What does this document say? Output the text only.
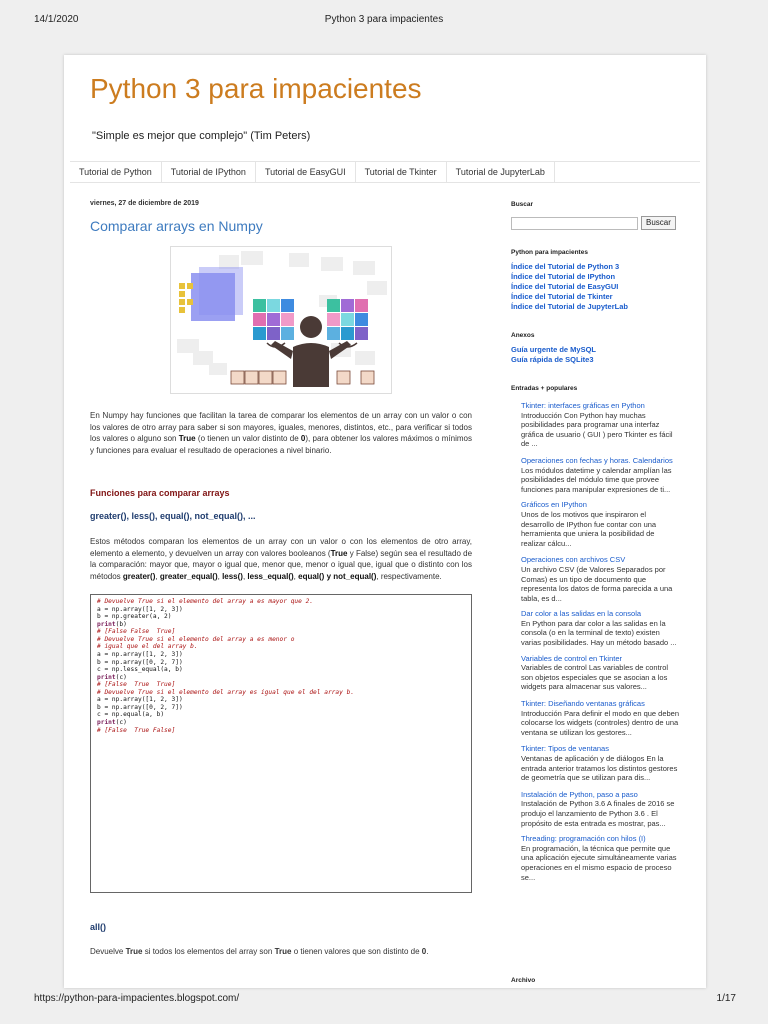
14/1/2020	Python 3 para impacientes
Python 3 para impacientes
"Simple es mejor que complejo" (Tim Peters)
Tutorial de Python	Tutorial de IPython	Tutorial de EasyGUI	Tutorial de Tkinter	Tutorial de JupyterLab
viernes, 27 de diciembre de 2019
Comparar arrays en Numpy

En Numpy hay funciones que facilitan la tarea de comparar los elementos de un array con un valor o con los valores de otro array para saber si son mayores, iguales, menores, distintos, etc., para verificar si todos los valores o alguno son True (o tienen un valor distinto de 0), para obtener los valores máximos o mínimos y funciones para evaluar el resultado de operaciones a nivel binario.

Funciones para comparar arrays
greater(), less(), equal(), not_equal(), ...

Estos métodos comparan los elementos de un array con un valor o con los elementos de otro array, elemento a elemento, y devuelven un array con valores booleanos (True y False) según sea el resultado de la comparación: mayor que, mayor o igual que, menor que, menor o igual que, igual que o distinto con los métodos greater(), greater_equal(), less(), less_equal(), equal() y not_equal(), respectivamente.

# Devuelve True si el elemento del array a es mayor que 2.
a = np.array([1, 2, 3])
b = np.greater(a, 2)
print(b)
# [False False  True]
# Devuelve True si el elemento del array a es menor o
# igual que el del array b.
a = np.array([1, 2, 3])
b = np.array([0, 2, 7])
c = np.less_equal(a, b)
print(c)
# [False  True  True]
# Devuelve True si el elemento del array es igual que el del array b.
a = np.array([1, 2, 3])
b = np.array([0, 2, 7])
c = np.equal(a, b)
print(c)
# [False  True False]
all()

Devuelve True si todos los elementos del array son True o tienen valores que son distinto de 0.

Buscar
Buscar
Python para impacientes
Índice del Tutorial de Python 3
Índice del Tutorial de IPython
Índice del Tutorial de EasyGUI
Índice del Tutorial de Tkinter
Índice del Tutorial de JupyterLab
Anexos
Guía urgente de MySQL
Guía rápida de SQLite3
Entradas + populares
Tkinter: interfaces gráficas en Python
Introducción Con Python hay muchas posibilidades para programar una interfaz gráfica de usuario ( GUI ) pero Tkinter es fácil de ...
Operaciones con fechas y horas. Calendarios
Los módulos datetime y calendar amplían las posibilidades del módulo time que provee funciones para manipular expresiones de ti...
Gráficos en IPython
Unos de los motivos que inspiraron el desarrollo de IPython fue contar con una herramienta que uniera la posibilidad de realizar cálcu...
Operaciones con archivos CSV
Un archivo CSV (de Valores Separados por Comas) es un tipo de documento que representa los datos de forma parecida a una tabla, es d...
Dar color a las salidas en la consola
En Python para dar color a las salidas en la consola (o en la terminal de texto) existen varias posibilidades. Hay un método basado ...
Variables de control en Tkinter
Variables de control Las variables de control son objetos especiales que se asocian a los widgets para almacenar sus valores...
Tkinter: Diseñando ventanas gráficas
Introducción Para definir el modo en que deben colocarse los widgets (controles) dentro de una ventana se utilizan los gestores...
Tkinter: Tipos de ventanas
Ventanas de aplicación y de diálogos En la entrada anterior tratamos los distintos gestores de geometría que se utilizan para dis...
Instalación de Python, paso a paso
Instalación de Python 3.6 A finales de 2016 se produjo el lanzamiento de Python 3.6 . El propósito de esta entrada es mostrar, pas...
Threading: programación con hilos (I)
En programación, la técnica que permite que una aplicación ejecute simultáneamente varias operaciones en el mismo espacio de proceso se...
Archivo
https://python-para-impacientes.blogspot.com/	1/17
